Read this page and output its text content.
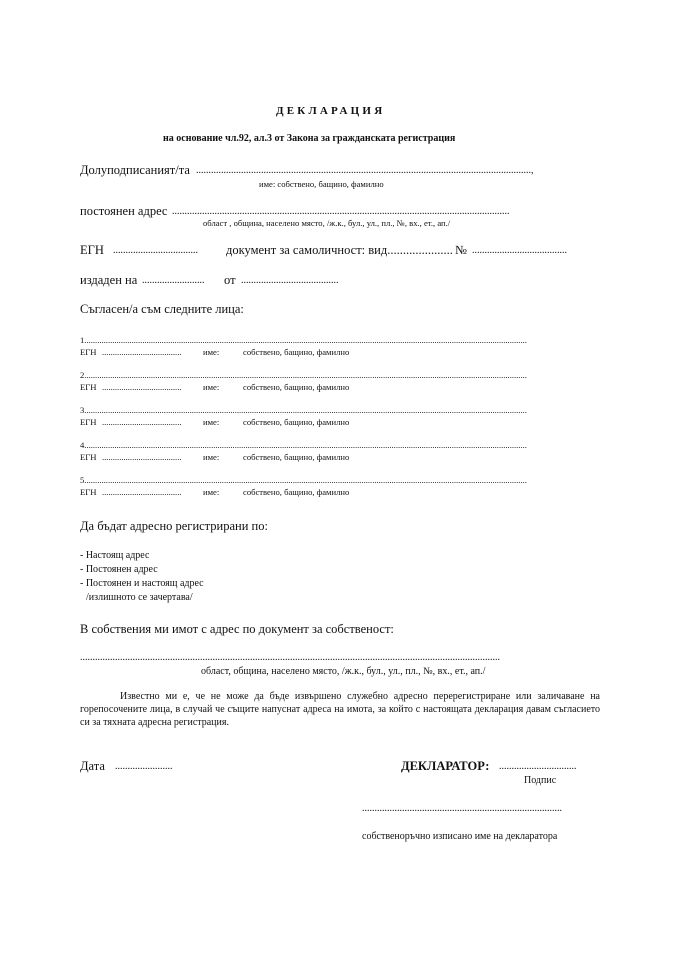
ДЕКЛАРАЦИЯ
на основание чл.92, ал.3 от Закона за гражданската регистрация
Долуподписаният/та ......................................................................................................................................,
име: собствено, бащино, фамилно
постоянен адрес .......................................................................................................................................
област , община, населено място, /ж.к., бул., ул., пл., №, вх., ет., ап./
ЕГН .................................. документ за самоличност: вид..................... № ......................................
издаден на ......................... от .......................................
Съгласен/а съм следните лица:
1..............................................................................................................................................................................................................
ЕГН .....................................	име:	собствено, бащино, фамилно
2..............................................................................................................................................................................................................
ЕГН .....................................	име:	собствено, бащино, фамилно
3..............................................................................................................................................................................................................
ЕГН .....................................	име:	собствено, бащино, фамилно
4..............................................................................................................................................................................................................
ЕГН .....................................	име:	собствено, бащино, фамилно
5..............................................................................................................................................................................................................
ЕГН .....................................	име:	собствено, бащино, фамилно
Да бъдат адресно регистрирани по:
- Настоящ адрес
- Постоянен адрес
- Постоянен и настоящ адрес
/излишното се зачертава/
В собствения ми имот с адрес по документ за собственост:
........................................................................................................................................................................
област, община, населено място, /ж.к., бул., ул., пл., №, вх., ет., ап./
Известно ми е, че не може да бъде извършено служебно адресно перерегистриране или заличаване на горепосочените лица, в случай че същите напуснат адреса на имота, за който с настоящата декларация давам съгласието си за тяхната адресна регистрация.
Дата .......................	ДЕКЛАРАТОР: ...............................
Подпис
................................................................................
собственоръчно изписано име на декларатора
